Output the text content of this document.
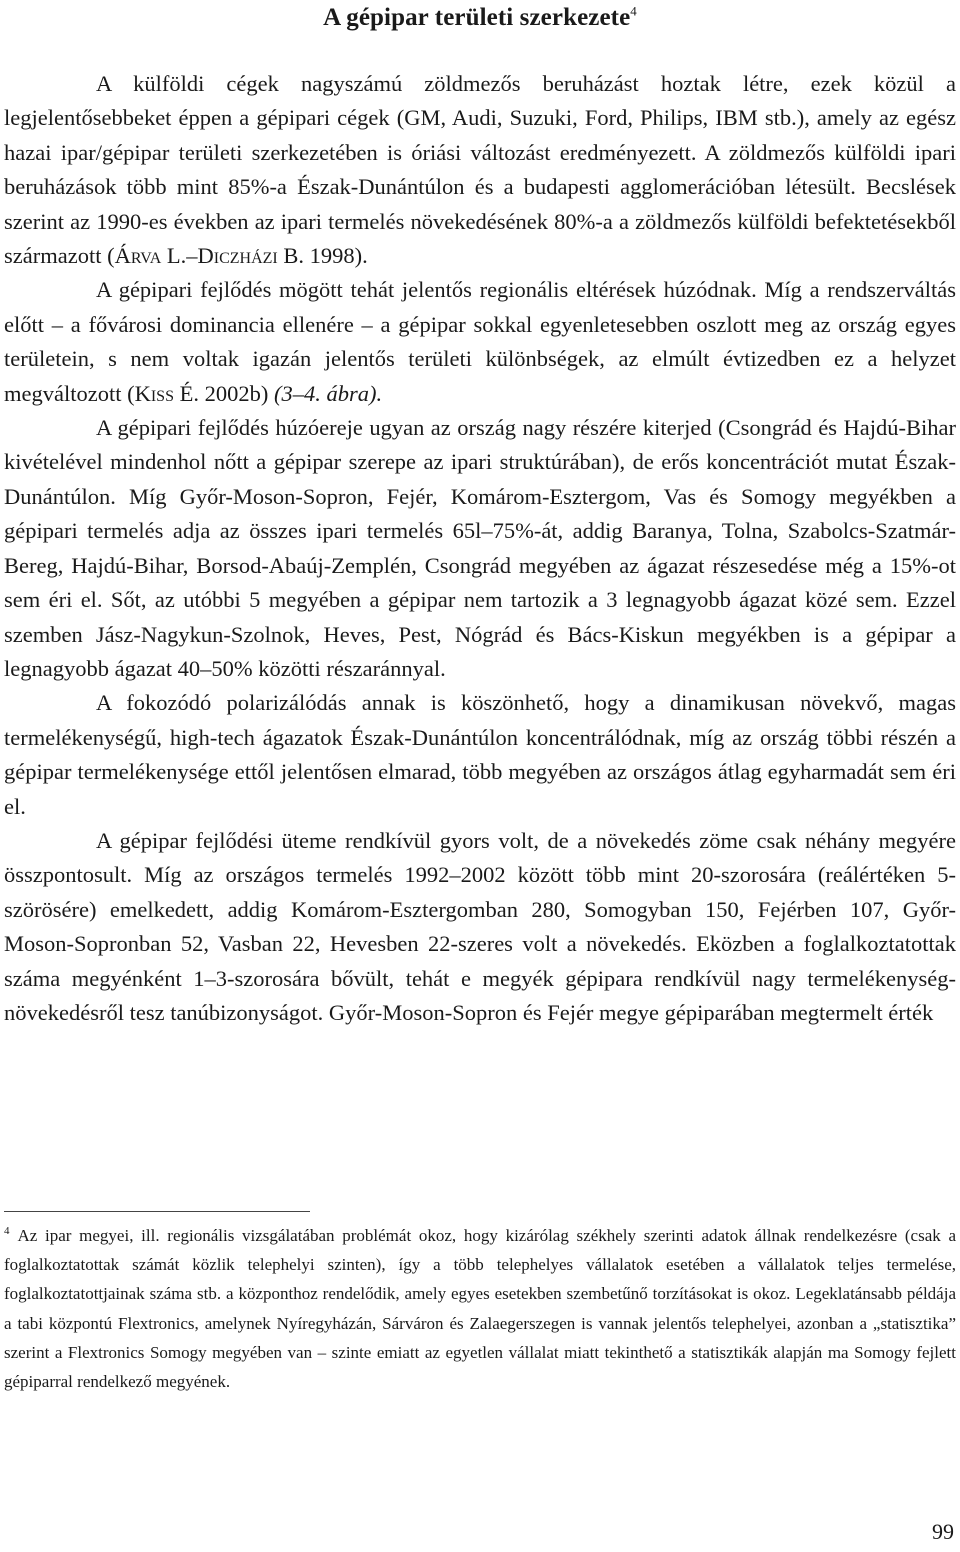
A gépipar területi szerkezete$^4$

A külföldi cégek nagyszámú zöldmezős beruházást hoztak létre, ezek közül a legjelentősebbeket éppen a gépipari cégek (GM, Audi, Suzuki, Ford, Philips, IBM stb.), amely az egész hazai ipar/gépipar területi szerkezetében is óriási változást eredményezett. A zöldmezős külföldi ipari beruházások több mint 85%-a Észak-Dunántúlon és a budapesti agglomerációban létesült. Becslések szerint az 1990-es években az ipari termelés növekedésének 80%-a a zöldmezős külföldi befektetésekből származott (Árva L.–Diczházi B. 1998).

A gépipari fejlődés mögött tehát jelentős regionális eltérések húzódnak. Míg a rendszerváltás előtt – a fővárosi dominancia ellenére – a gépipar sokkal egyenletesebben oszlott meg az ország egyes területein, s nem voltak igazán jelentős területi különbségek, az elmúlt évtizedben ez a helyzet megváltozott (Kiss É. 2002b) (3–4. ábra).

A gépipari fejlődés húzóereje ugyan az ország nagy részére kiterjed (Csongrád és Hajdú-Bihar kivételével mindenhol nőtt a gépipar szerepe az ipari struktúrában), de erős koncentrációt mutat Észak-Dunántúlon. Míg Győr-Moson-Sopron, Fejér, Komárom-Esztergom, Vas és Somogy megyékben a gépipari termelés adja az összes ipari termelés 65l–75%-át, addig Baranya, Tolna, Szabolcs-Szatmár-Bereg, Hajdú-Bihar, Borsod-Abaúj-Zemplén, Csongrád megyében az ágazat részesedése még a 15%-ot sem éri el. Sőt, az utóbbi 5 megyében a gépipar nem tartozik a 3 legnagyobb ágazat közé sem. Ezzel szemben Jász-Nagykun-Szolnok, Heves, Pest, Nógrád és Bács-Kiskun megyékben is a gépipar a legnagyobb ágazat 40–50% közötti részaránnyal.

A fokozódó polarizálódás annak is köszönhető, hogy a dinamikusan növekvő, magas termelékenységű, high-tech ágazatok Észak-Dunántúlon koncentrálódnak, míg az ország többi részén a gépipar termelékenysége ettől jelentősen elmarad, több megyében az országos átlag egyharmadát sem éri el.

A gépipar fejlődési üteme rendkívül gyors volt, de a növekedés zöme csak néhány megyére összpontosult. Míg az országos termelés 1992–2002 között több mint 20-szorosára (reálértéken 5-szörösére) emelkedett, addig Komárom-Esztergomban 280, Somogyban 150, Fejérben 107, Győr-Moson-Sopronban 52, Vasban 22, Hevesben 22-szeres volt a növekedés. Eközben a foglalkoztatottak száma megyénként 1–3-szorosára bővült, tehát e megyék gépipara rendkívül nagy termelékenység-növekedésről tesz tanúbizonyságot. Győr-Moson-Sopron és Fejér megye gépiparában megtermelt érték

$^4$ Az ipar megyei, ill. regionális vizsgálatában problémát okoz, hogy kizárólag székhely szerinti adatok állnak rendelkezésre (csak a foglalkoztatottak számát közlik telephelyi szinten), így a több telephelyes vállalatok esetében a vállalatok teljes termelése, foglalkoztatottjainak száma stb. a központhoz rendelődik, amely egyes esetekben szembetűnő torzításokat is okoz. Legeklatánsabb példája a tabi központú Flextronics, amelynek Nyíregyházán, Sárváron és Zalaegerszegen is vannak jelentős telephelyei, azonban a „statisztika” szerint a Flextronics Somogy megyében van – szinte emiatt az egyetlen vállalat miatt tekinthető a statisztikák alapján ma Somogy fejlett gépiparral rendelkező megyének.
99
